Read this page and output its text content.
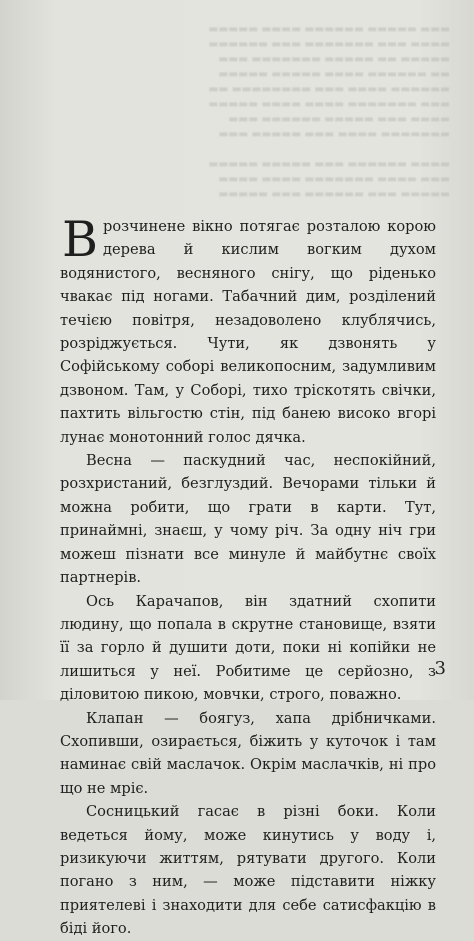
▬▬▬ ▬▬▬▬▬ ▬▬▬▬▬▬ ▬▬▬▬ ▬▬▬▬▬
▬▬▬▬ ▬▬▬ ▬▬▬▬▬▬▬ ▬▬▬ ▬▬▬▬▬▬
▬▬▬▬▬ ▬▬ ▬▬▬▬▬ ▬▬▬▬▬▬▬ ▬▬▬
▬▬ ▬▬▬▬▬▬ ▬▬▬▬ ▬▬▬▬▬ ▬▬▬▬▬
▬▬▬▬▬▬ ▬▬▬▬ ▬▬▬ ▬▬▬▬▬▬▬▬ ▬▬
▬▬▬ ▬▬▬▬▬▬▬ ▬▬▬▬ ▬▬▬▬ ▬▬▬▬▬
▬▬▬▬ ▬▬▬ ▬▬▬▬▬ ▬▬▬▬▬▬ ▬▬▬
▬▬▬▬▬▬▬ ▬▬▬▬ ▬▬▬ ▬▬▬▬▬ ▬▬▬

▬▬▬▬ ▬▬▬▬▬▬ ▬▬▬ ▬▬▬▬▬ ▬▬▬▬▬
▬▬▬ ▬▬▬▬ ▬▬▬▬▬▬▬ ▬▬▬▬ ▬▬▬▬
▬▬▬▬▬ ▬▬▬ ▬▬▬▬▬▬ ▬▬▬ ▬▬▬▬▬

Врозчинене вікно потягає розталою корою дерева й кислим вогким духом водянистого, весняного снігу, що ріденько чвакає під ногами. Табачний дим, розділений течією повітря, незадоволено клублячись, розріджується. Чути, як дзвонять у Софійському соборі великопосним, задумливим дзвоном. Там, у Соборі, тихо тріскотять свічки, пахтить вільгостю стін, під банею високо вгорі лунає монотонний голос дячка.

Весна — паскудний час, неспокійний, розхристаний, безглуздий. Вечорами тільки й можна робити, що грати в карти. Тут, принаймні, знаєш, у чому річ. За одну ніч гри можеш пізнати все минуле й майбутнє своїх партнерів.

Ось Карачапов, він здатний схопити людину, що попала в скрутне становище, взяти її за горло й душити доти, поки ні копійки не лишиться у неї. Робитиме це серйозно, з діловитою пикою, мовчки, строго, поважно.

Клапан — боягуз, хапа дрібничками. Схопивши, озирається, біжить у куточок і там наминає свій маслачок. Окрім маслачків, ні про що не мріє.

Сосницький гасає в різні боки. Коли ведеться йому, може кинутись у воду і, ризикуючи життям, рятувати другого. Коли погано з ним, — може підставити ніжку приятелеві і знаходити для себе сатисфакцію в біді його.

3
